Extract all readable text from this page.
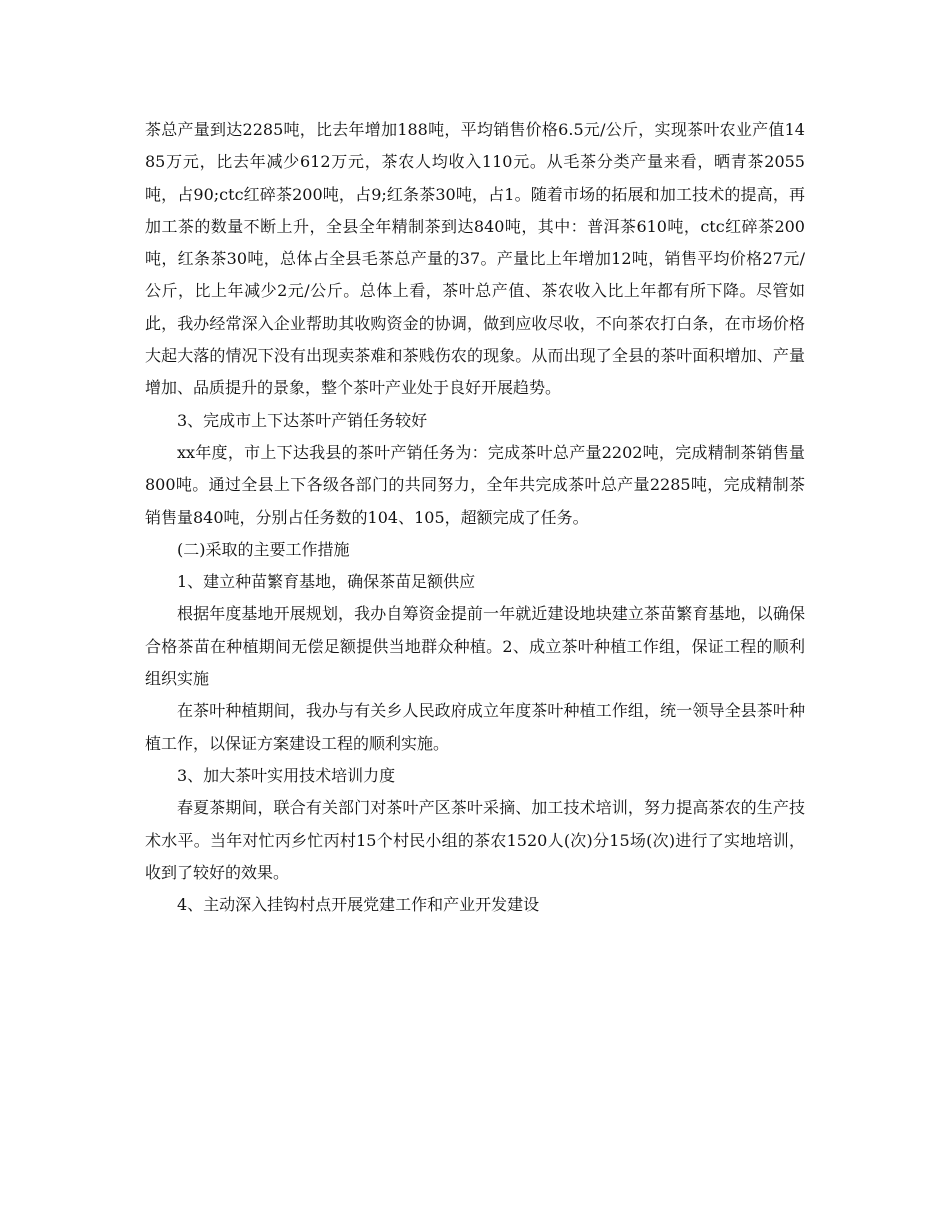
茶总产量到达2285吨，比去年增加188吨，平均销售价格6.5元/公斤，实现茶叶农业产值1485万元，比去年减少612万元，茶农人均收入110元。从毛茶分类产量来看，晒青茶2055吨，占90;ctc红碎茶200吨，占9;红条茶30吨，占1。随着市场的拓展和加工技术的提高，再加工茶的数量不断上升，全县全年精制茶到达840吨，其中：普洱茶610吨，ctc红碎茶200吨，红条茶30吨，总体占全县毛茶总产量的37。产量比上年增加12吨，销售平均价格27元/公斤，比上年减少2元/公斤。总体上看，茶叶总产值、茶农收入比上年都有所下降。尽管如此，我办经常深入企业帮助其收购资金的协调，做到应收尽收，不向茶农打白条，在市场价格大起大落的情况下没有出现卖茶难和茶贱伤农的现象。从而出现了全县的茶叶面积增加、产量增加、品质提升的景象，整个茶叶产业处于良好开展趋势。

3、完成市上下达茶叶产销任务较好

xx年度，市上下达我县的茶叶产销任务为：完成茶叶总产量2202吨，完成精制茶销售量800吨。通过全县上下各级各部门的共同努力，全年共完成茶叶总产量2285吨，完成精制茶销售量840吨，分别占任务数的104、105，超额完成了任务。

(二)采取的主要工作措施

1、建立种苗繁育基地，确保茶苗足额供应

根据年度基地开展规划，我办自筹资金提前一年就近建设地块建立茶苗繁育基地，以确保合格茶苗在种植期间无偿足额提供当地群众种植。2、成立茶叶种植工作组，保证工程的顺利组织实施

在茶叶种植期间，我办与有关乡人民政府成立年度茶叶种植工作组，统一领导全县茶叶种植工作，以保证方案建设工程的顺利实施。

3、加大茶叶实用技术培训力度

春夏茶期间，联合有关部门对茶叶产区茶叶采摘、加工技术培训，努力提高茶农的生产技术水平。当年对忙丙乡忙丙村15个村民小组的茶农1520人(次)分15场(次)进行了实地培训，收到了较好的效果。

4、主动深入挂钩村点开展党建工作和产业开发建设
